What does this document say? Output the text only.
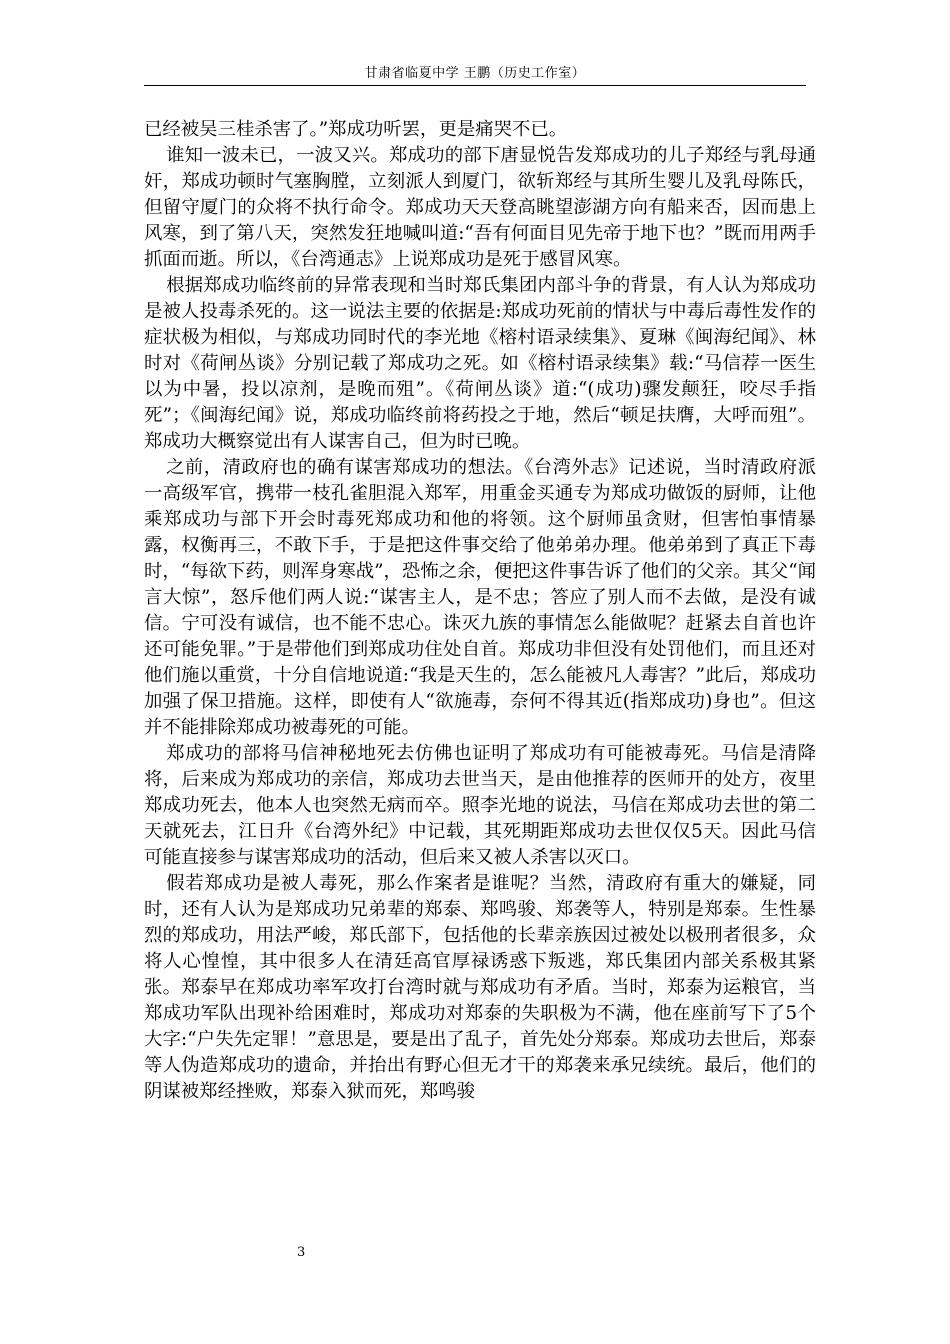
甘肃省临夏中学 王鹏（历史工作室）

已经被吴三桂杀害了。”郑成功听罢，更是痛哭不已。

谁知一波未已，一波又兴。郑成功的部下唐显悦告发郑成功的儿子郑经与乳母通奸，郑成功顿时气塞胸膛，立刻派人到厦门，欲斩郑经与其所生婴儿及乳母陈氏，但留守厦门的众将不执行命令。郑成功天天登高眺望澎湖方向有船来否，因而患上风寒，到了第八天，突然发狂地喊叫道:“吾有何面目见先帝于地下也？”既而用两手抓面而逝。所以，《台湾通志》上说郑成功是死于感冒风寒。

根据郑成功临终前的异常表现和当时郑氏集团内部斗争的背景，有人认为郑成功是被人投毒杀死的。这一说法主要的依据是:郑成功死前的情状与中毒后毒性发作的症状极为相似，与郑成功同时代的李光地《榕村语录续集》、夏琳《闽海纪闻》、林时对《荷闸丛谈》分别记载了郑成功之死。如《榕村语录续集》载:“马信荐一医生以为中暑，投以凉剂，是晚而殂”。《荷闸丛谈》道:“(成功)骤发颠狂，咬尽手指死”；《闽海纪闻》说，郑成功临终前将药投之于地，然后“顿足扶膺，大呼而殂”。郑成功大概察觉出有人谋害自己，但为时已晚。

之前，清政府也的确有谋害郑成功的想法。《台湾外志》记述说，当时清政府派一高级军官，携带一枝孔雀胆混入郑军，用重金买通专为郑成功做饭的厨师，让他乘郑成功与部下开会时毒死郑成功和他的将领。这个厨师虽贪财，但害怕事情暴露，权衡再三，不敢下手，于是把这件事交给了他弟弟办理。他弟弟到了真正下毒时，“每欲下药，则浑身寒战”，恐怖之余，便把这件事告诉了他们的父亲。其父“闻言大惊”，怒斥他们两人说:“谋害主人，是不忠；答应了别人而不去做，是没有诚信。宁可没有诚信，也不能不忠心。诛灭九族的事情怎么能做呢？赶紧去自首也许还可能免罪。”于是带他们到郑成功住处自首。郑成功非但没有处罚他们，而且还对他们施以重赏，十分自信地说道:“我是天生的，怎么能被凡人毒害？”此后，郑成功加强了保卫措施。这样，即使有人“欲施毒，奈何不得其近(指郑成功)身也”。但这并不能排除郑成功被毒死的可能。

郑成功的部将马信神秘地死去仿佛也证明了郑成功有可能被毒死。马信是清降将，后来成为郑成功的亲信，郑成功去世当天，是由他推荐的医师开的处方，夜里郑成功死去，他本人也突然无病而卒。照李光地的说法，马信在郑成功去世的第二天就死去，江日升《台湾外纪》中记载，其死期距郑成功去世仅仅5天。因此马信可能直接参与谋害郑成功的活动，但后来又被人杀害以灭口。

假若郑成功是被人毒死，那么作案者是谁呢？当然，清政府有重大的嫌疑，同时，还有人认为是郑成功兄弟辈的郑泰、郑鸣骏、郑袭等人，特别是郑泰。生性暴烈的郑成功，用法严峻，郑氏部下，包括他的长辈亲族因过被处以极刑者很多，众将人心惶惶，其中很多人在清廷高官厚禄诱惑下叛逃，郑氏集团内部关系极其紧张。郑泰早在郑成功率军攻打台湾时就与郑成功有矛盾。当时，郑泰为运粮官，当郑成功军队出现补给困难时，郑成功对郑泰的失职极为不满，他在座前写下了5个大字:“户失先定罪！”意思是，要是出了乱子，首先处分郑泰。郑成功去世后，郑泰等人伪造郑成功的遗命，并抬出有野心但无才干的郑袭来承兄续统。最后，他们的阴谋被郑经挫败，郑泰入狱而死，郑鸣骏

3
